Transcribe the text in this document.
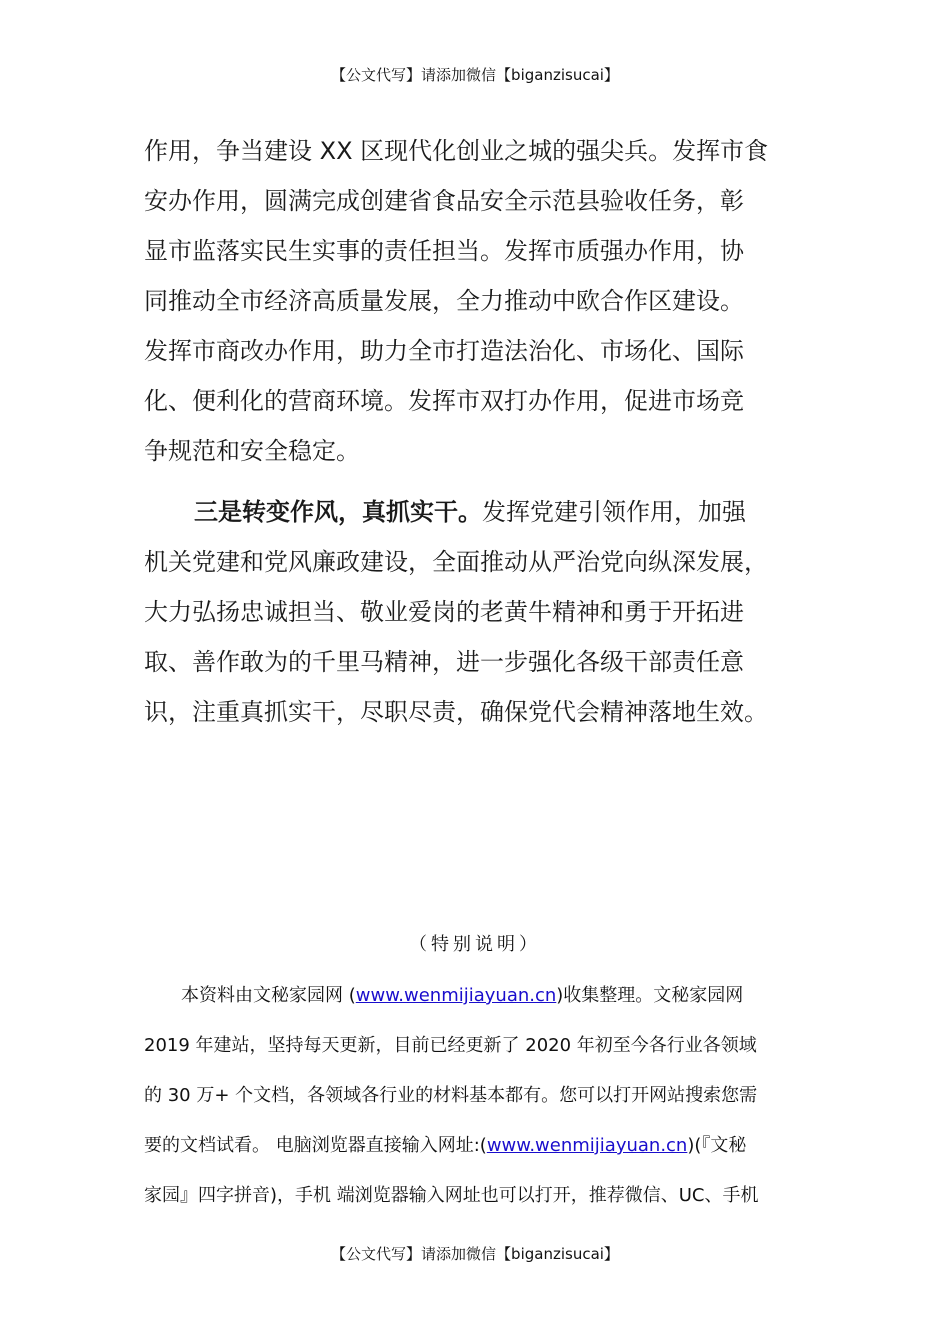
【公文代写】请添加微信【biganzisucai】
作用，争当建设 XX 区现代化创业之城的强尖兵。发挥市食
安办作用，圆满完成创建省食品安全示范县验收任务，彰
显市监落实民生实事的责任担当。发挥市质强办作用，协
同推动全市经济高质量发展，全力推动中欧合作区建设。
发挥市商改办作用，助力全市打造法治化、市场化、国际
化、便利化的营商环境。发挥市双打办作用，促进市场竞
争规范和安全稳定。
三是转变作风，真抓实干。发挥党建引领作用，加强
机关党建和党风廉政建设，全面推动从严治党向纵深发展，
大力弘扬忠诚担当、敬业爱岗的老黄牛精神和勇于开拓进
取、善作敢为的千里马精神，进一步强化各级干部责任意
识，注重真抓实干，尽职尽责，确保党代会精神落地生效。
（特别说明）
本资料由文秘家园网 (www.wenmijiayuan.cn)收集整理。文秘家园网
2019 年建站，坚持每天更新，目前已经更新了 2020 年初至今各行业各领域
的 30 万+ 个文档，各领域各行业的材料基本都有。您可以打开网站搜索您需
要的文档试看。 电脑浏览器直接输入网址:(www.wenmijiayuan.cn)(『文秘
家园』四字拼音)，手机 端浏览器输入网址也可以打开，推荐微信、UC、手机
【公文代写】请添加微信【biganzisucai】
